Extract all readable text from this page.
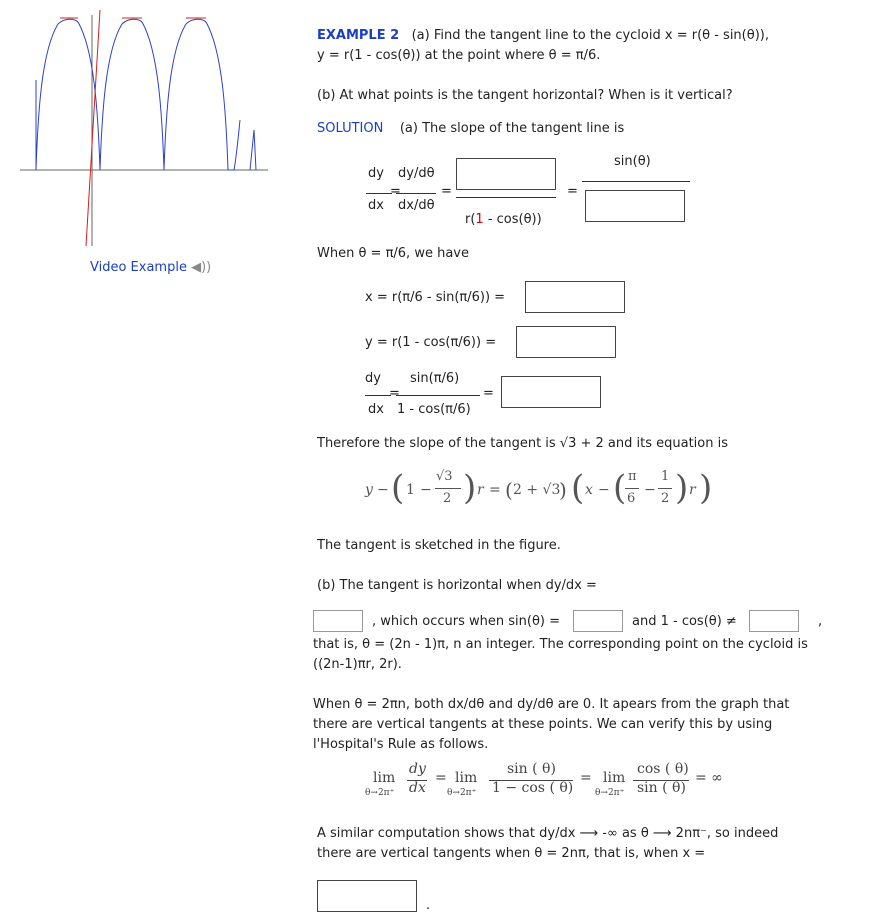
Video Example ◀))
EXAMPLE 2 (a) Find the tangent line to the cycloid x = r(θ - sin(θ)),
y = r(1 - cos(θ)) at the point where θ = π/6.
(b) At what points is the tangent horizontal? When is it vertical?
SOLUTION (a) The slope of the tangent line is
dy
dx
=
dy/dθ
dx/dθ
=
r(1 - cos(θ))
=
sin(θ)
When θ = π/6, we have
x = r(π/6 - sin(π/6)) =
y = r(1 - cos(π/6)) =
dy
dx
=
sin(π/6)
1 - cos(π/6)
=
Therefore the slope of the tangent is √3 + 2 and its equation is
y − ( 1 −
√3
2 ) r = ( 2 + √3
) ( x − ( π
6
−
1
2 ) r )
The tangent is sketched in the figure.
(b) The tangent is horizontal when dy/dx =
, which occurs when sin(θ) =	and 1 - cos(θ) ≠	,
that is, θ = (2n - 1)π, n an integer. The corresponding point on the cycloid is
((2n-1)πr, 2r).
When θ = 2πn, both dx/dθ and dy/dθ are 0. It apears from the graph that
there are vertical tangents at these points. We can verify this by using
l'Hospital's Rule as follows.
lim
θ→2π⁺
dy
dx
= lim
θ→2π⁺
sin ( θ)
1 − cos ( θ)
= lim
θ→2π⁺
cos ( θ)
sin ( θ)
= ∞
A similar computation shows that dy/dx ⟶ -∞ as θ ⟶ 2nπ⁻, so indeed
there are vertical tangents when θ = 2nπ, that is, when x =
.
